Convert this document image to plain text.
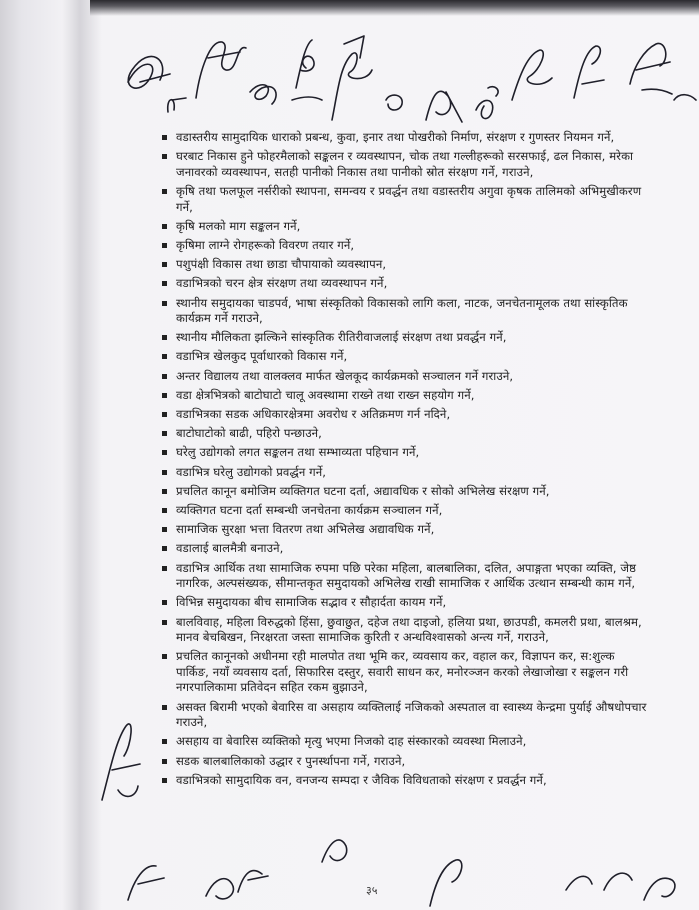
वडास्तरीय सामुदायिक धाराको प्रबन्ध, कुवा, इनार तथा पोखरीको निर्माण, संरक्षण र गुणस्तर नियमन गर्ने,
घरबाट निकास हुने फोहरमैलाको सङ्कलन र व्यवस्थापन, चोक तथा गल्लीहरूको सरसफाई, ढल निकास, मरेका जनावरको व्यवस्थापन, सतही पानीको निकास तथा पानीको स्रोत संरक्षण गर्ने, गराउने,
कृषि तथा फलफूल नर्सरीको स्थापना, समन्वय र प्रवर्द्धन तथा वडास्तरीय अगुवा कृषक तालिमको अभिमुखीकरण गर्ने,
कृषि मलको माग सङ्कलन गर्ने,
कृषिमा लाग्ने रोगहरूको विवरण तयार गर्ने,
पशुपंक्षी विकास तथा छाडा चौपायाको व्यवस्थापन,
वडाभित्रको चरन क्षेत्र संरक्षण तथा व्यवस्थापन गर्ने,
स्थानीय समुदायका चाडपर्व, भाषा संस्कृतिको विकासको लागि कला, नाटक, जनचेतनामूलक तथा सांस्कृतिक कार्यक्रम गर्ने गराउने,
स्थानीय मौलिकता झल्किने सांस्कृतिक रीतिरीवाजलाई संरक्षण तथा प्रवर्द्धन गर्ने,
वडाभित्र खेलकुद पूर्वाधारको विकास गर्ने,
अन्तर विद्यालय तथा वालक्लव मार्फत खेलकूद कार्यक्रमको सञ्चालन गर्ने गराउने,
वडा क्षेत्रभित्रको बाटोघाटो चालू अवस्थामा राख्ने तथा राख्न सहयोग गर्ने,
वडाभित्रका सडक अधिकारक्षेत्रमा अवरोध र अतिक्रमण गर्न नदिने,
बाटोघाटोको बाढी, पहिरो पन्छाउने,
घरेलु उद्योगको लगत सङ्कलन तथा सम्भाव्यता पहिचान गर्ने,
वडाभित्र घरेलु उद्योगको प्रवर्द्धन गर्ने,
प्रचलित कानून बमोजिम व्यक्तिगत घटना दर्ता, अद्यावधिक र सोको अभिलेख संरक्षण गर्ने,
व्यक्तिगत घटना दर्ता सम्बन्धी जनचेतना कार्यक्रम सञ्चालन गर्ने,
सामाजिक सुरक्षा भत्ता वितरण तथा अभिलेख अद्यावधिक गर्ने,
वडालाई बालमैत्री बनाउने,
वडाभित्र आर्थिक तथा सामाजिक रुपमा पछि परेका महिला, बालबालिका, दलित, अपाङ्गता भएका व्यक्ति, जेष्ठ नागरिक, अल्पसंख्यक, सीमान्तकृत समुदायको अभिलेख राखी सामाजिक र आर्थिक उत्थान सम्बन्धी काम गर्ने,
विभिन्न समुदायका बीच सामाजिक सद्भाव र सौहार्दता कायम गर्ने,
बालविवाह, महिला विरुद्धको हिंसा, छुवाछुत, दहेज तथा दाइजो, हलिया प्रथा, छाउपडी, कमलरी प्रथा, बालश्रम, मानव बेचबिखन, निरक्षरता जस्ता सामाजिक कुरिती र अन्धविश्वासको अन्त्य गर्ने, गराउने,
प्रचलित कानूनको अधीनमा रही मालपोत तथा भूमि कर, व्यवसाय कर, वहाल कर, विज्ञापन कर, स:शुल्क पार्किङ, नयाँ व्यवसाय दर्ता, सिफारिस दस्तुर, सवारी साधन कर, मनोरञ्जन करको लेखाजोखा र सङ्कलन गरी नगरपालिकामा प्रतिवेदन सहित रकम बुझाउने,
असक्त बिरामी भएको बेवारिस वा असहाय व्यक्तिलाई नजिकको अस्पताल वा स्वास्थ्य केन्द्रमा पुर्याई औषधोपचार गराउने,
असहाय वा बेवारिस व्यक्तिको मृत्यु भएमा निजको दाह संस्कारको व्यवस्था मिलाउने,
सडक बालबालिकाको उद्धार र पुनर्स्थापना गर्ने, गराउने,
वडाभित्रको सामुदायिक वन, वनजन्य सम्पदा र जैविक विविधताको संरक्षण र प्रवर्द्धन गर्ने,
३५
